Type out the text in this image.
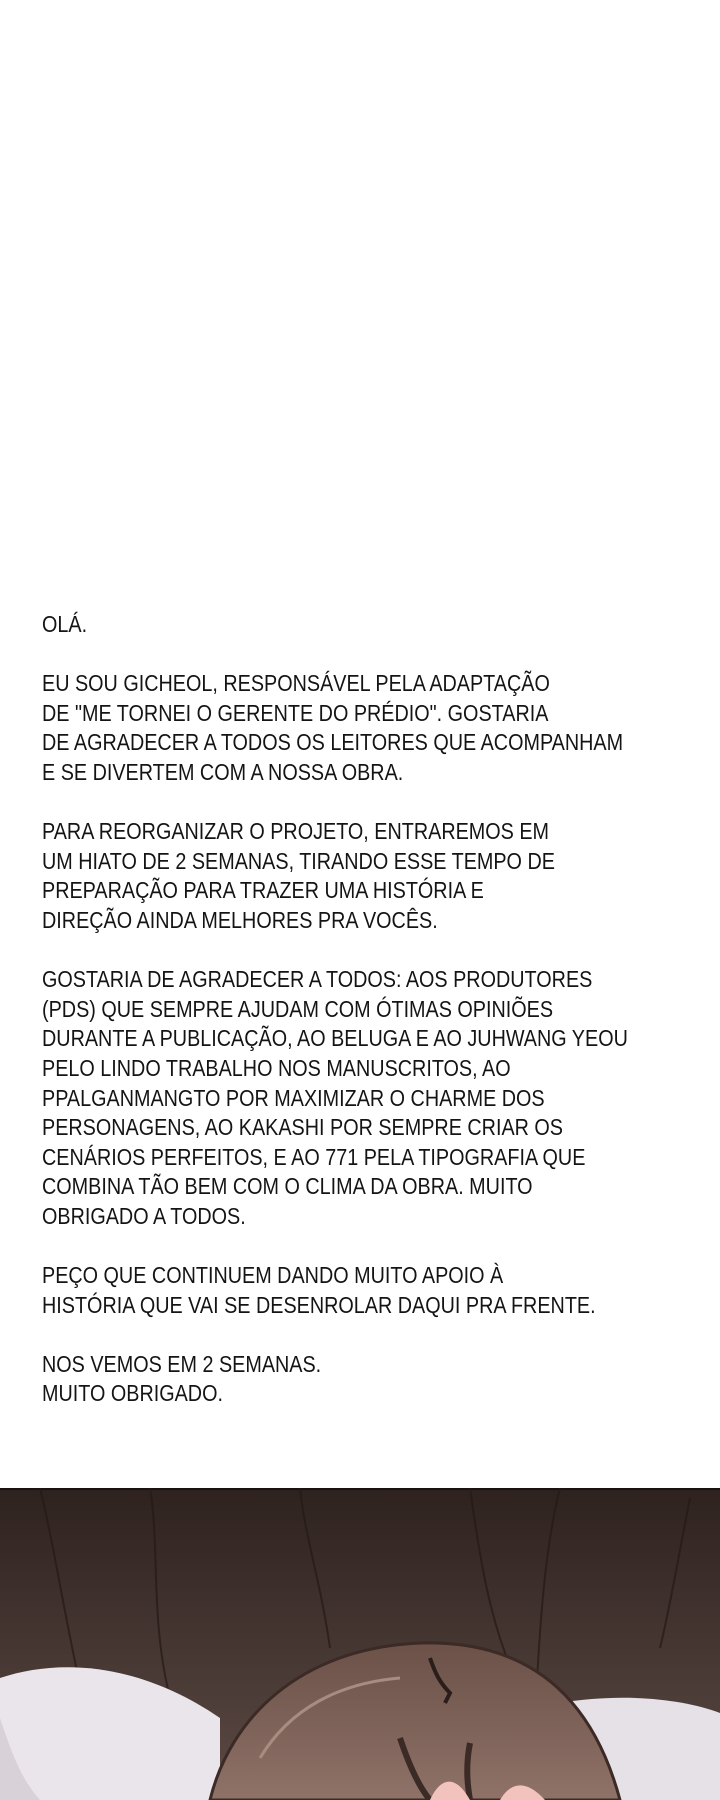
OLÁ.
EU SOU GICHEOL, RESPONSÁVEL PELA ADAPTAÇÃO
DE "ME TORNEI O GERENTE DO PRÉDIO". GOSTARIA
DE AGRADECER A TODOS OS LEITORES QUE ACOMPANHAM
E SE DIVERTEM COM A NOSSA OBRA.
PARA REORGANIZAR O PROJETO, ENTRAREMOS EM
UM HIATO DE 2 SEMANAS, TIRANDO ESSE TEMPO DE
PREPARAÇÃO PARA TRAZER UMA HISTÓRIA E
DIREÇÃO AINDA MELHORES PRA VOCÊS.
GOSTARIA DE AGRADECER A TODOS: AOS PRODUTORES
(PDS) QUE SEMPRE AJUDAM COM ÓTIMAS OPINIÕES
DURANTE A PUBLICAÇÃO, AO BELUGA E AO JUHWANG YEOU
PELO LINDO TRABALHO NOS MANUSCRITOS, AO
PPALGANMANGTO POR MAXIMIZAR O CHARME DOS
PERSONAGENS, AO KAKASHI POR SEMPRE CRIAR OS
CENÁRIOS PERFEITOS, E AO 771 PELA TIPOGRAFIA QUE
COMBINA TÃO BEM COM O CLIMA DA OBRA. MUITO
OBRIGADO A TODOS.
PEÇO QUE CONTINUEM DANDO MUITO APOIO À
HISTÓRIA QUE VAI SE DESENROLAR DAQUI PRA FRENTE.
NOS VEMOS EM 2 SEMANAS.
MUITO OBRIGADO.
